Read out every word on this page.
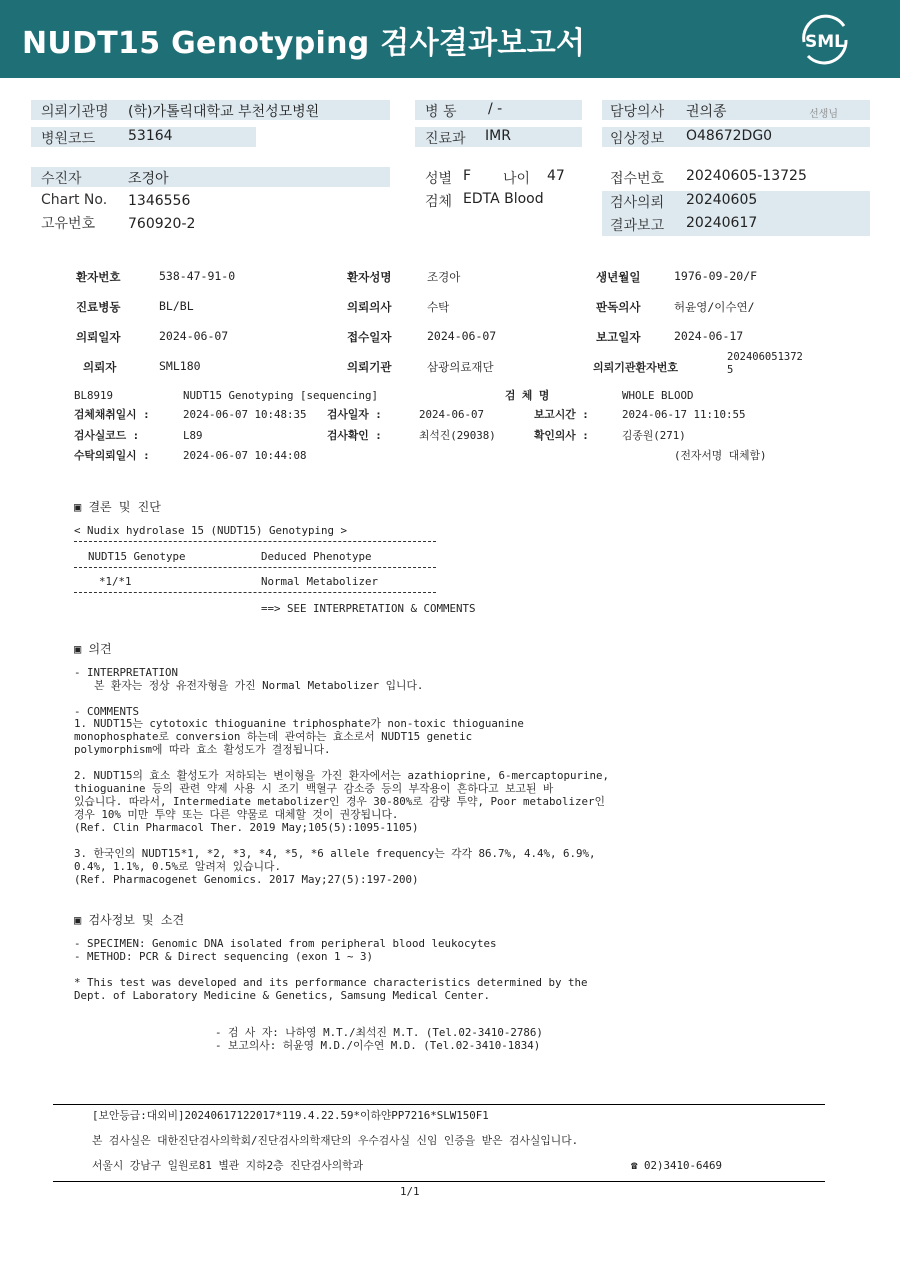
NUDT15 Genotyping 검사결과보고서	SML
의뢰기관명 (학)가톨릭대학교 부천성모병원
병원코드 53164
병 동 / -
진료과 IMR
담당의사 권의종	선생님
임상정보 O48672DG0
수진자	조경아
Chart No. 1346556
고유번호 760920-2
성별 F 나이 47
검체 EDTA Blood
접수번호 20240605-13725
검사의뢰 20240605
결과보고 20240617
환자번호	538-47-91-0	환자성명	조경아	생년월일	1976-09-20/F
진료병동	BL/BL	의뢰의사	수탁	판독의사	허윤영/이수연/
의뢰일자	2024-06-07	접수일자	2024-06-07	보고일자	2024-06-17
의뢰자	SML180	의뢰기관	삼광의료재단	의뢰기관환자번호
202406051372
5
BL8919	NUDT15 Genotyping [sequencing]	검 체 명	WHOLE BLOOD
검체채취일시 :	2024-06-07 10:48:35 검사일자 :	2024-06-07	보고시간 :	2024-06-17 11:10:55
검사실코드 :	L89	검사확인 :	최석진(29038)	확인의사 :	김종원(271)
수탁의뢰일시 :	2024-06-07 10:44:08	(전자서명 대체함)
▣ 결론 및 진단
< Nudix hydrolase 15 (NUDT15) Genotyping >
NUDT15 Genotype	Deduced Phenotype
*1/*1	Normal Metabolizer
==> SEE INTERPRETATION & COMMENTS
▣ 의견
- INTERPRETATION
본 환자는 정상 유전자형을 가진 Normal Metabolizer 입니다.
- COMMENTS
1. NUDT15는 cytotoxic thioguanine triphosphate가 non-toxic thioguanine
monophosphate로 conversion 하는데 관여하는 효소로서 NUDT15 genetic
polymorphism에 따라 효소 활성도가 결정됩니다.
2. NUDT15의 효소 활성도가 저하되는 변이형을 가진 환자에서는 azathioprine, 6-mercaptopurine,
thioguanine 등의 관련 약제 사용 시 조기 백혈구 감소증 등의 부작용이 흔하다고 보고된 바
있습니다. 따라서, Intermediate metabolizer인 경우 30-80%로 감량 투약, Poor metabolizer인
경우 10% 미만 투약 또는 다른 약물로 대체할 것이 권장됩니다.
(Ref. Clin Pharmacol Ther. 2019 May;105(5):1095-1105)
3. 한국인의 NUDT15*1, *2, *3, *4, *5, *6 allele frequency는 각각 86.7%, 4.4%, 6.9%,
0.4%, 1.1%, 0.5%로 알려져 있습니다.
(Ref. Pharmacogenet Genomics. 2017 May;27(5):197-200)
▣ 검사정보 및 소견
- SPECIMEN: Genomic DNA isolated from peripheral blood leukocytes
- METHOD: PCR & Direct sequencing (exon 1 ~ 3)
* This test was developed and its performance characteristics determined by the
Dept. of Laboratory Medicine & Genetics, Samsung Medical Center.
- 검 사 자: 나하영 M.T./최석진 M.T. (Tel.02-3410-2786)
- 보고의사: 허윤영 M.D./이수연 M.D. (Tel.02-3410-1834)
[보안등급:대외비]20240617122017*119.4.22.59*이하얀PP7216*SLW150F1
본 검사실은 대한진단검사의학회/진단검사의학재단의 우수검사실 신임 인증을 받은 검사실입니다.
서울시 강남구 일원로81 별관 지하2층 진단검사의학과	☎ 02)3410-6469
1/1
